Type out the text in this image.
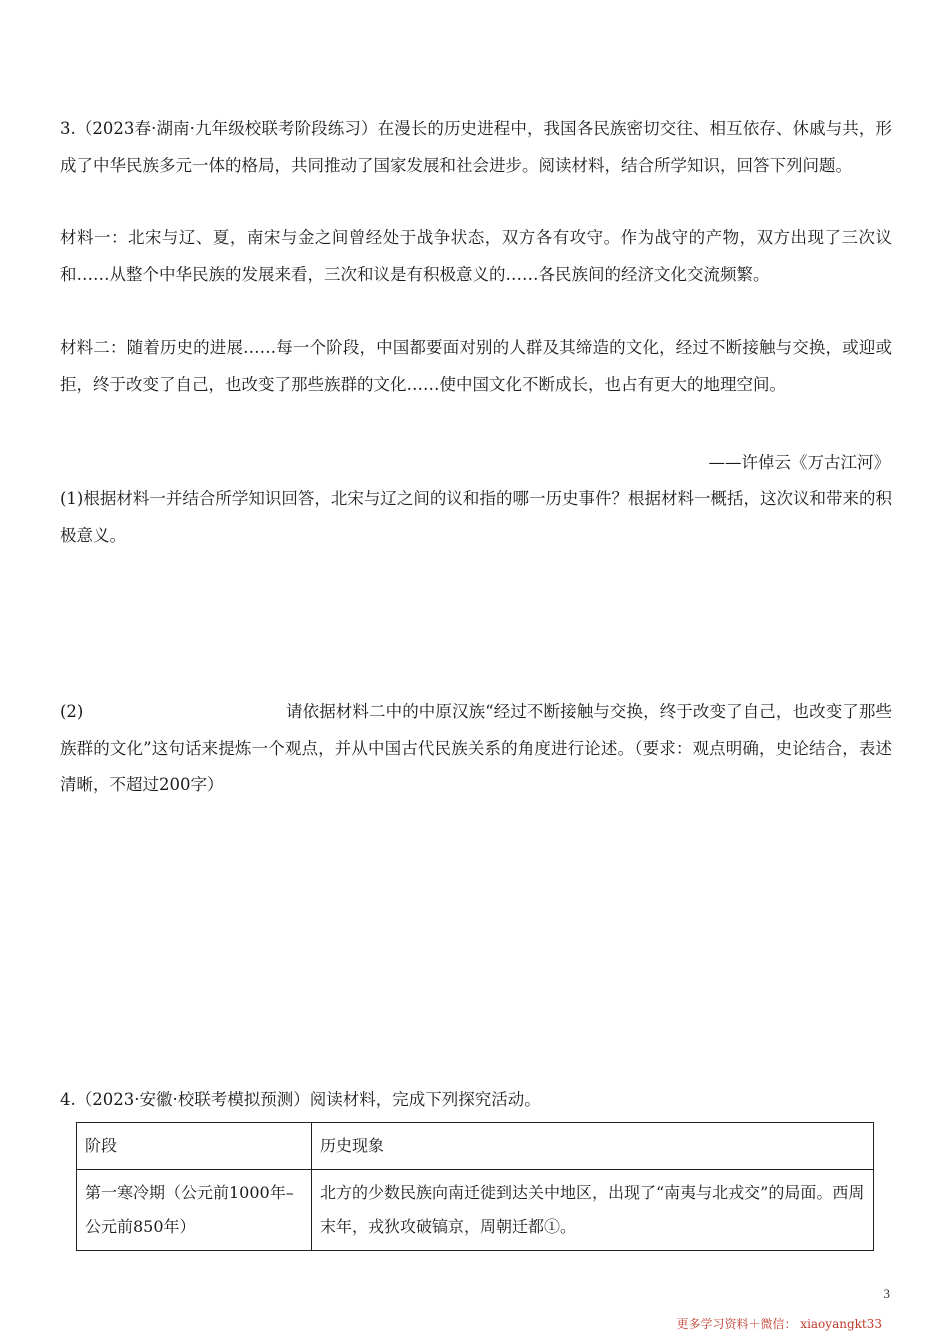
3.（2023春·湖南·九年级校联考阶段练习）在漫长的历史进程中，我国各民族密切交往、相互依存、休戚与共，形成了中华民族多元一体的格局，共同推动了国家发展和社会进步。阅读材料，结合所学知识，回答下列问题。
材料一：北宋与辽、夏，南宋与金之间曾经处于战争状态，双方各有攻守。作为战守的产物，双方出现了三次议和……从整个中华民族的发展来看，三次和议是有积极意义的……各民族间的经济文化交流频繁。
材料二：随着历史的进展……每一个阶段，中国都要面对别的人群及其缔造的文化，经过不断接触与交换，或迎或拒，终于改变了自己，也改变了那些族群的文化……使中国文化不断成长，也占有更大的地理空间。
——许倬云《万古江河》
(1)根据材料一并结合所学知识回答，北宋与辽之间的议和指的哪一历史事件？根据材料一概括，这次议和带来的积极意义。
(2)	请依据材料二中的中原汉族“经过不断接触与交换，终于改变了自己，也改变了那些族群的文化”这句话来提炼一个观点，并从中国古代民族关系的角度进行论述。（要求：观点明确，史论结合，表述清晰，不超过200字）
4.（2023·安徽·校联考模拟预测）阅读材料，完成下列探究活动。
阶段	历史现象
第一寒冷期（公元前1000年–公元前850年）	北方的少数民族向南迁徙到达关中地区，出现了“南夷与北戎交”的局面。西周末年，戎狄攻破镐京，周朝迁都①。
3
更多学习资料＋微信： xiaoyangkt33
